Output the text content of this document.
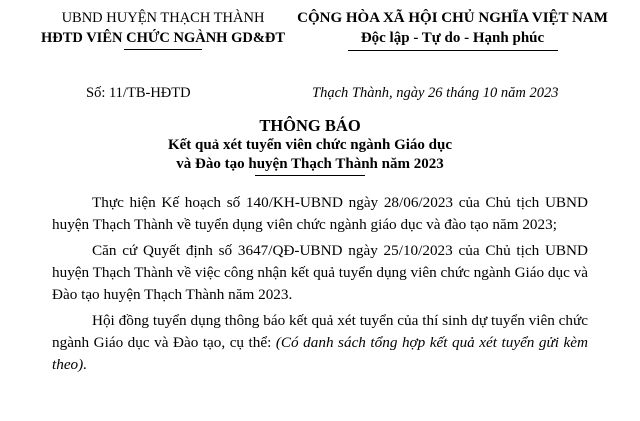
UBND HUYỆN THẠCH THÀNH
HĐTD VIÊN CHỨC NGÀNH GD&ĐT
CỘNG HÒA XÃ HỘI CHỦ NGHĨA VIỆT NAM
Độc lập - Tự do - Hạnh phúc
Số: 11/TB-HĐTD	Thạch Thành, ngày 26 tháng 10 năm 2023
THÔNG BÁO
Kết quả xét tuyển viên chức ngành Giáo dục
và Đào tạo huyện Thạch Thành năm 2023

Thực hiện Kế hoạch số 140/KH-UBND ngày 28/06/2023 của Chủ tịch UBND huyện Thạch Thành về tuyển dụng viên chức ngành giáo dục và đào tạo năm 2023;

Căn cứ Quyết định số 3647/QĐ-UBND ngày 25/10/2023 của Chủ tịch UBND huyện Thạch Thành về việc công nhận kết quả tuyển dụng viên chức ngành Giáo dục và Đào tạo huyện Thạch Thành năm 2023.

Hội đồng tuyển dụng thông báo kết quả xét tuyển của thí sinh dự tuyển viên chức ngành Giáo dục và Đào tạo, cụ thể: (Có danh sách tổng hợp kết quả xét tuyển gửi kèm theo).
